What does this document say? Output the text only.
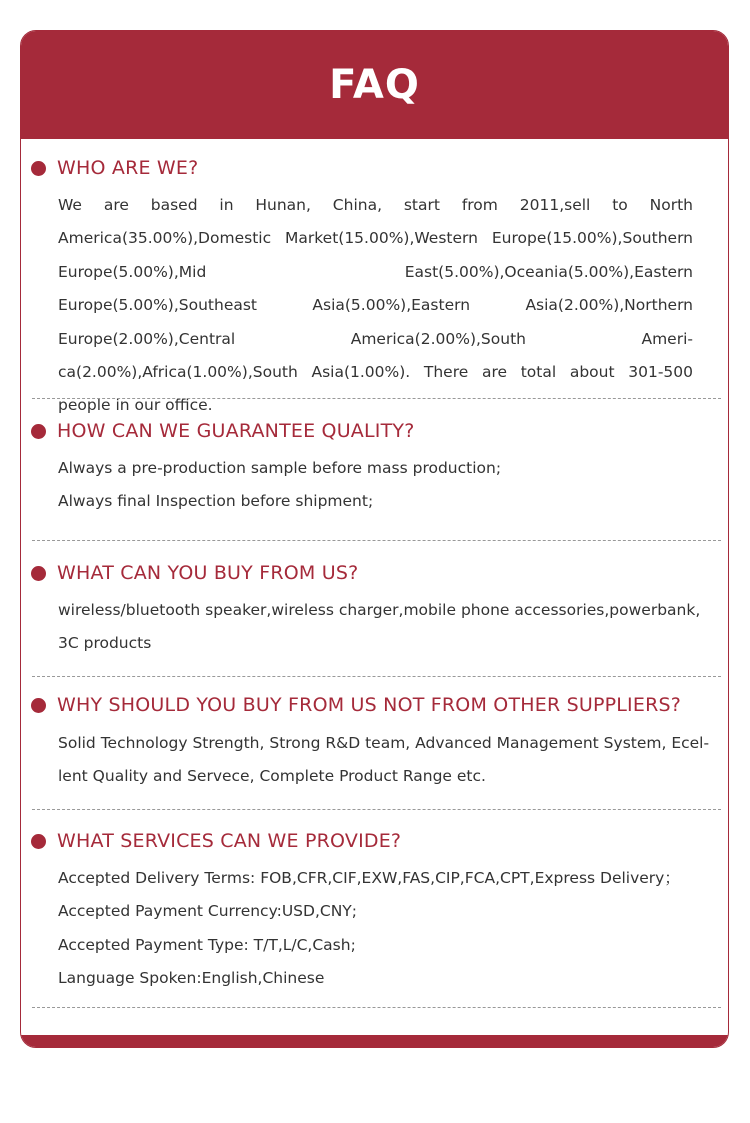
FAQ
WHO ARE WE?
We are based in Hunan, China, start from 2011,sell to North America(35.00%),Domestic Market(15.00%),Western Europe(15.00%),Southern Europe(5.00%),Mid East(5.00%),Oceania(5.00%),Eastern Europe(5.00%),Southeast Asia(5.00%),Eastern Asia(2.00%),Northern Europe(2.00%),Central America(2.00%),South America(2.00%),Africa(1.00%),South Asia(1.00%). There are total about 301-500 people in our office.
HOW CAN WE GUARANTEE QUALITY?

Always a pre-production sample before mass production;

Always final Inspection before shipment;

WHAT CAN YOU BUY FROM US?

wireless/bluetooth speaker,wireless charger,mobile phone accessories,powerbank,

3C products

WHY SHOULD YOU BUY FROM US NOT FROM OTHER SUPPLIERS?

Solid Technology Strength, Strong R&D team, Advanced Management System, Ecel-

lent Quality and Servece, Complete Product Range etc.

WHAT SERVICES CAN WE PROVIDE?

Accepted Delivery Terms: FOB,CFR,CIF,EXW,FAS,CIP,FCA,CPT,Express Delivery；

Accepted Payment Currency:USD,CNY;

Accepted Payment Type: T/T,L/C,Cash;

Language Spoken:English,Chinese
